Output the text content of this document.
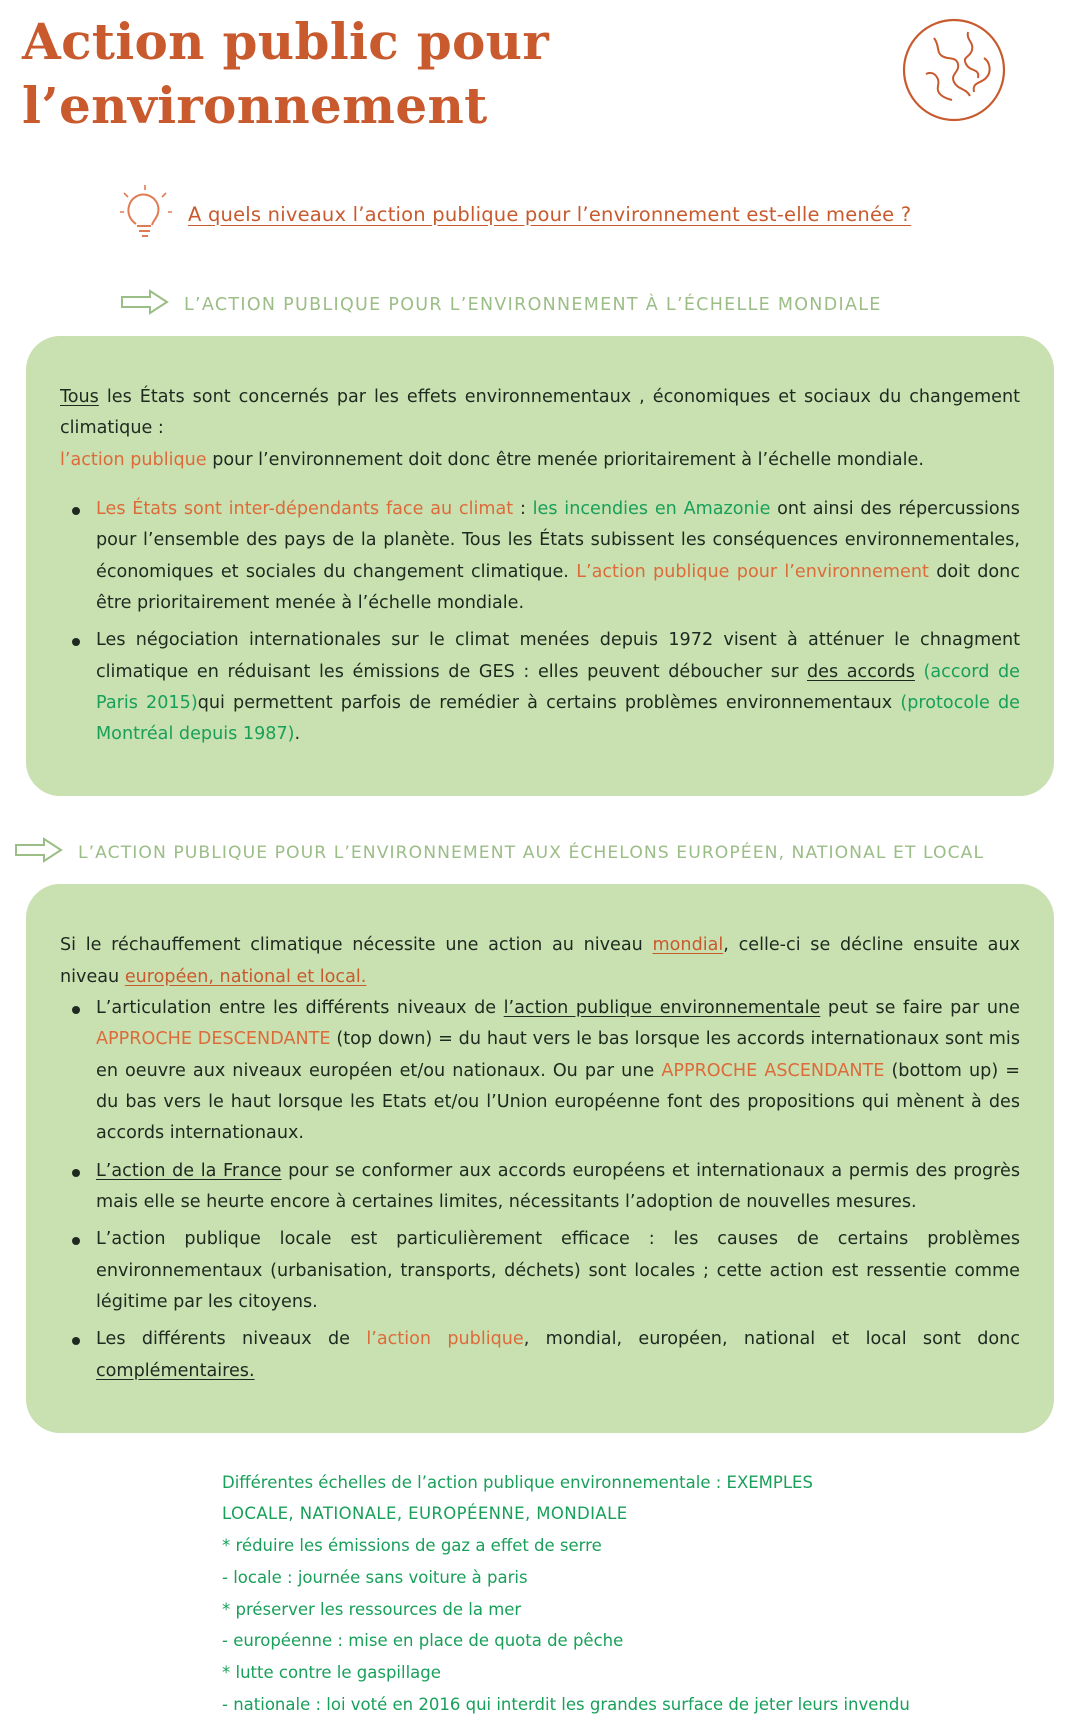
Action public pour l’environnement
A quels niveaux l’action publique pour l’environnement est-elle menée ?
L’ACTION PUBLIQUE POUR L’ENVIRONNEMENT À L’ÉCHELLE MONDIALE

Tous les États sont concernés par les effets environnementaux , économiques et sociaux du changement climatique :
l’action publique pour l’environnement doit donc être menée prioritairement à l’échelle mondiale.

Les États sont inter-dépendants face au climat : les incendies en Amazonie ont ainsi des répercussions pour l’ensemble des pays de la planète. Tous les États subissent les conséquences environnementales, économiques et sociales du changement climatique. L’action publique pour l’environnement doit donc être prioritairement menée à l’échelle mondiale.
Les négociation internationales sur le climat menées depuis 1972 visent à atténuer le chnagment climatique en réduisant les émissions de GES : elles peuvent déboucher sur des accords (accord de Paris 2015)qui permettent parfois de remédier à certains problèmes environnementaux (protocole de Montréal depuis 1987).
L’ACTION PUBLIQUE POUR L’ENVIRONNEMENT AUX ÉCHELONS EUROPÉEN, NATIONAL ET LOCAL

Si le réchauffement climatique nécessite une action au niveau mondial, celle-ci se décline ensuite aux niveau européen, national et local.

L’articulation entre les différents niveaux de l’action publique environnementale peut se faire par une APPROCHE DESCENDANTE (top down) = du haut vers le bas lorsque les accords internationaux sont mis en oeuvre aux niveaux européen et/ou nationaux. Ou par une APPROCHE ASCENDANTE (bottom up) = du bas vers le haut lorsque les Etats et/ou l’Union européenne font des propositions qui mènent à des accords internationaux.
L’action de la France pour se conformer aux accords européens et internationaux a permis des progrès mais elle se heurte encore à certaines limites, nécessitants l’adoption de nouvelles mesures.
L’action publique locale est particulièrement efficace : les causes de certains problèmes environnementaux (urbanisation, transports, déchets) sont locales ; cette action est ressentie comme légitime par les citoyens.
Les différents niveaux de l’action publique, mondial, européen, national et local sont donc complémentaires.
Différentes échelles de l’action publique environnementale : EXEMPLES
LOCALE, NATIONALE, EUROPÉENNE, MONDIALE
* réduire les émissions de gaz a effet de serre
- locale : journée sans voiture à paris
* préserver les ressources de la mer
- européenne : mise en place de quota de pêche
* lutte contre le gaspillage
- nationale : loi voté en 2016 qui interdit les grandes surface de jeter leurs invendu
